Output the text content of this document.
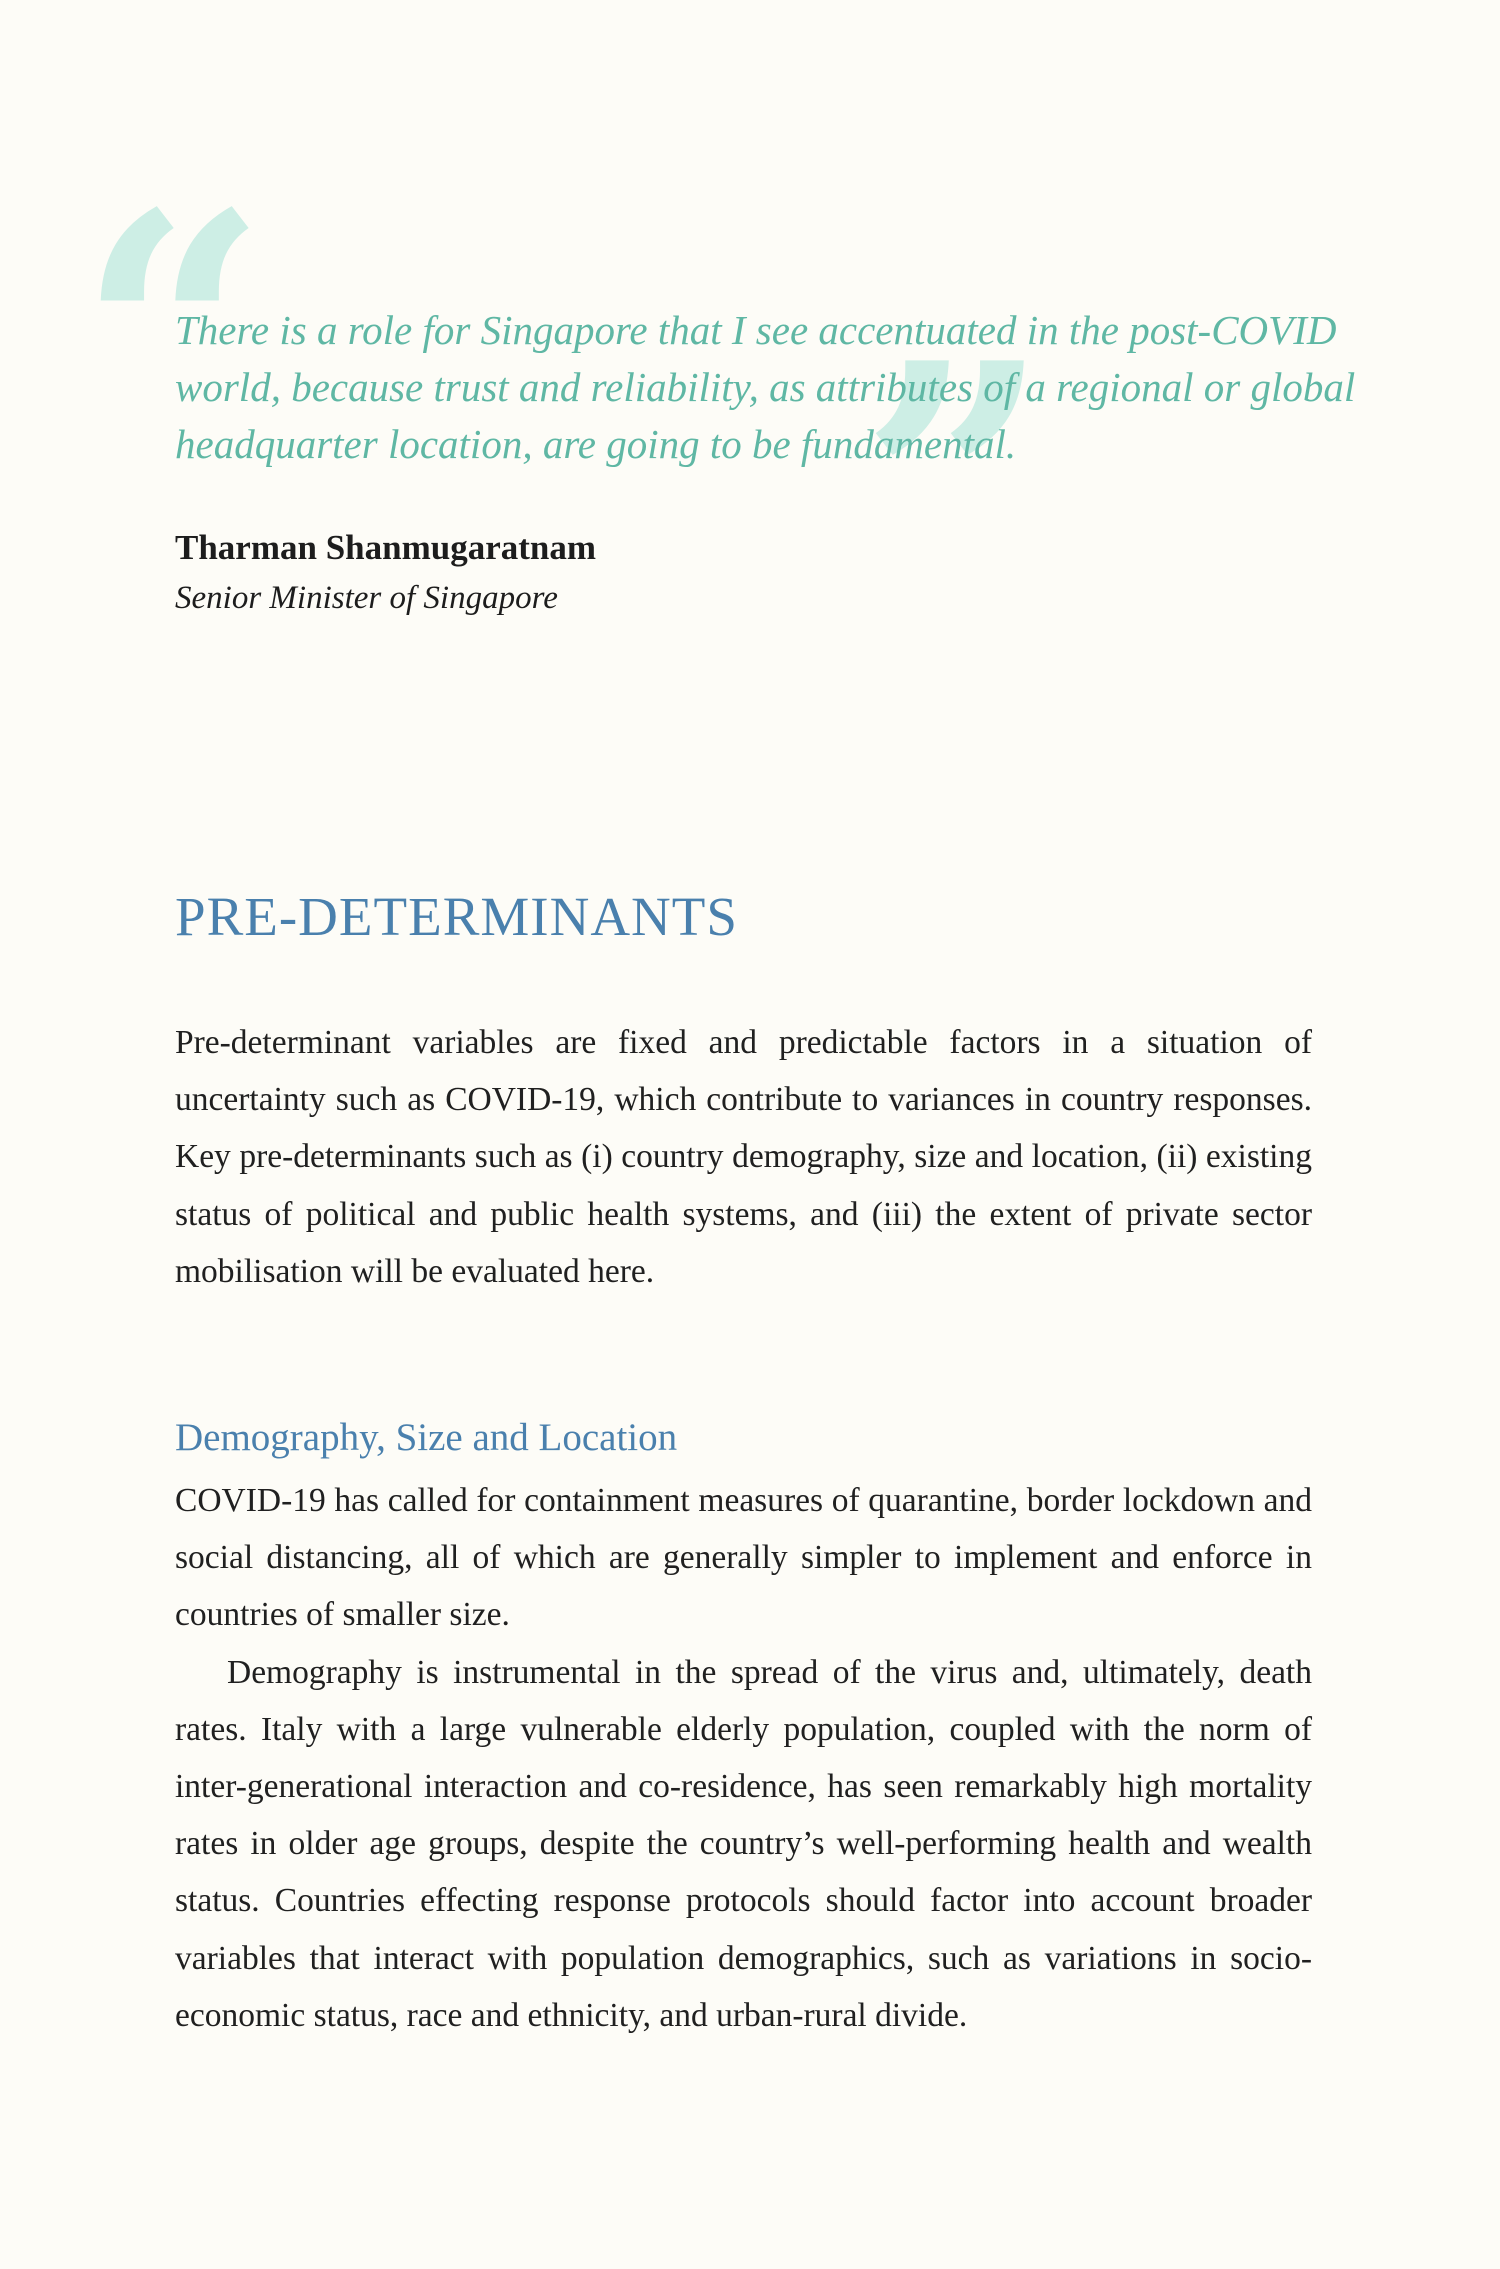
“ ”

There is a role for Singapore that I see accentuated in the post-COVID

world, because trust and reliability, as attributes of a regional or global

headquarter location, are going to be fundamental.

Tharman Shanmugaratnam
Senior Minister of Singapore
PRE-DETERMINANTS

Pre-determinant variables are fixed and predictable factors in a situation of uncertainty such as COVID-19, which contribute to variances in country responses. Key pre-determinants such as (i) country demography, size and location, (ii) existing status of political and public health systems, and (iii) the extent of private sector mobilisation will be evaluated here.

Demography, Size and Location

COVID-19 has called for containment measures of quarantine, border lockdown and social distancing, all of which are generally simpler to implement and enforce in countries of smaller size.

Demography is instrumental in the spread of the virus and, ultimately, death rates. Italy with a large vulnerable elderly population, coupled with the norm of inter-generational interaction and co-residence, has seen remarkably high mortality rates in older age groups, despite the country’s well-performing health and wealth status. Countries effecting response protocols should factor into account broader variables that interact with population demographics, such as variations in socio-economic status, race and ethnicity, and urban-rural divide.
